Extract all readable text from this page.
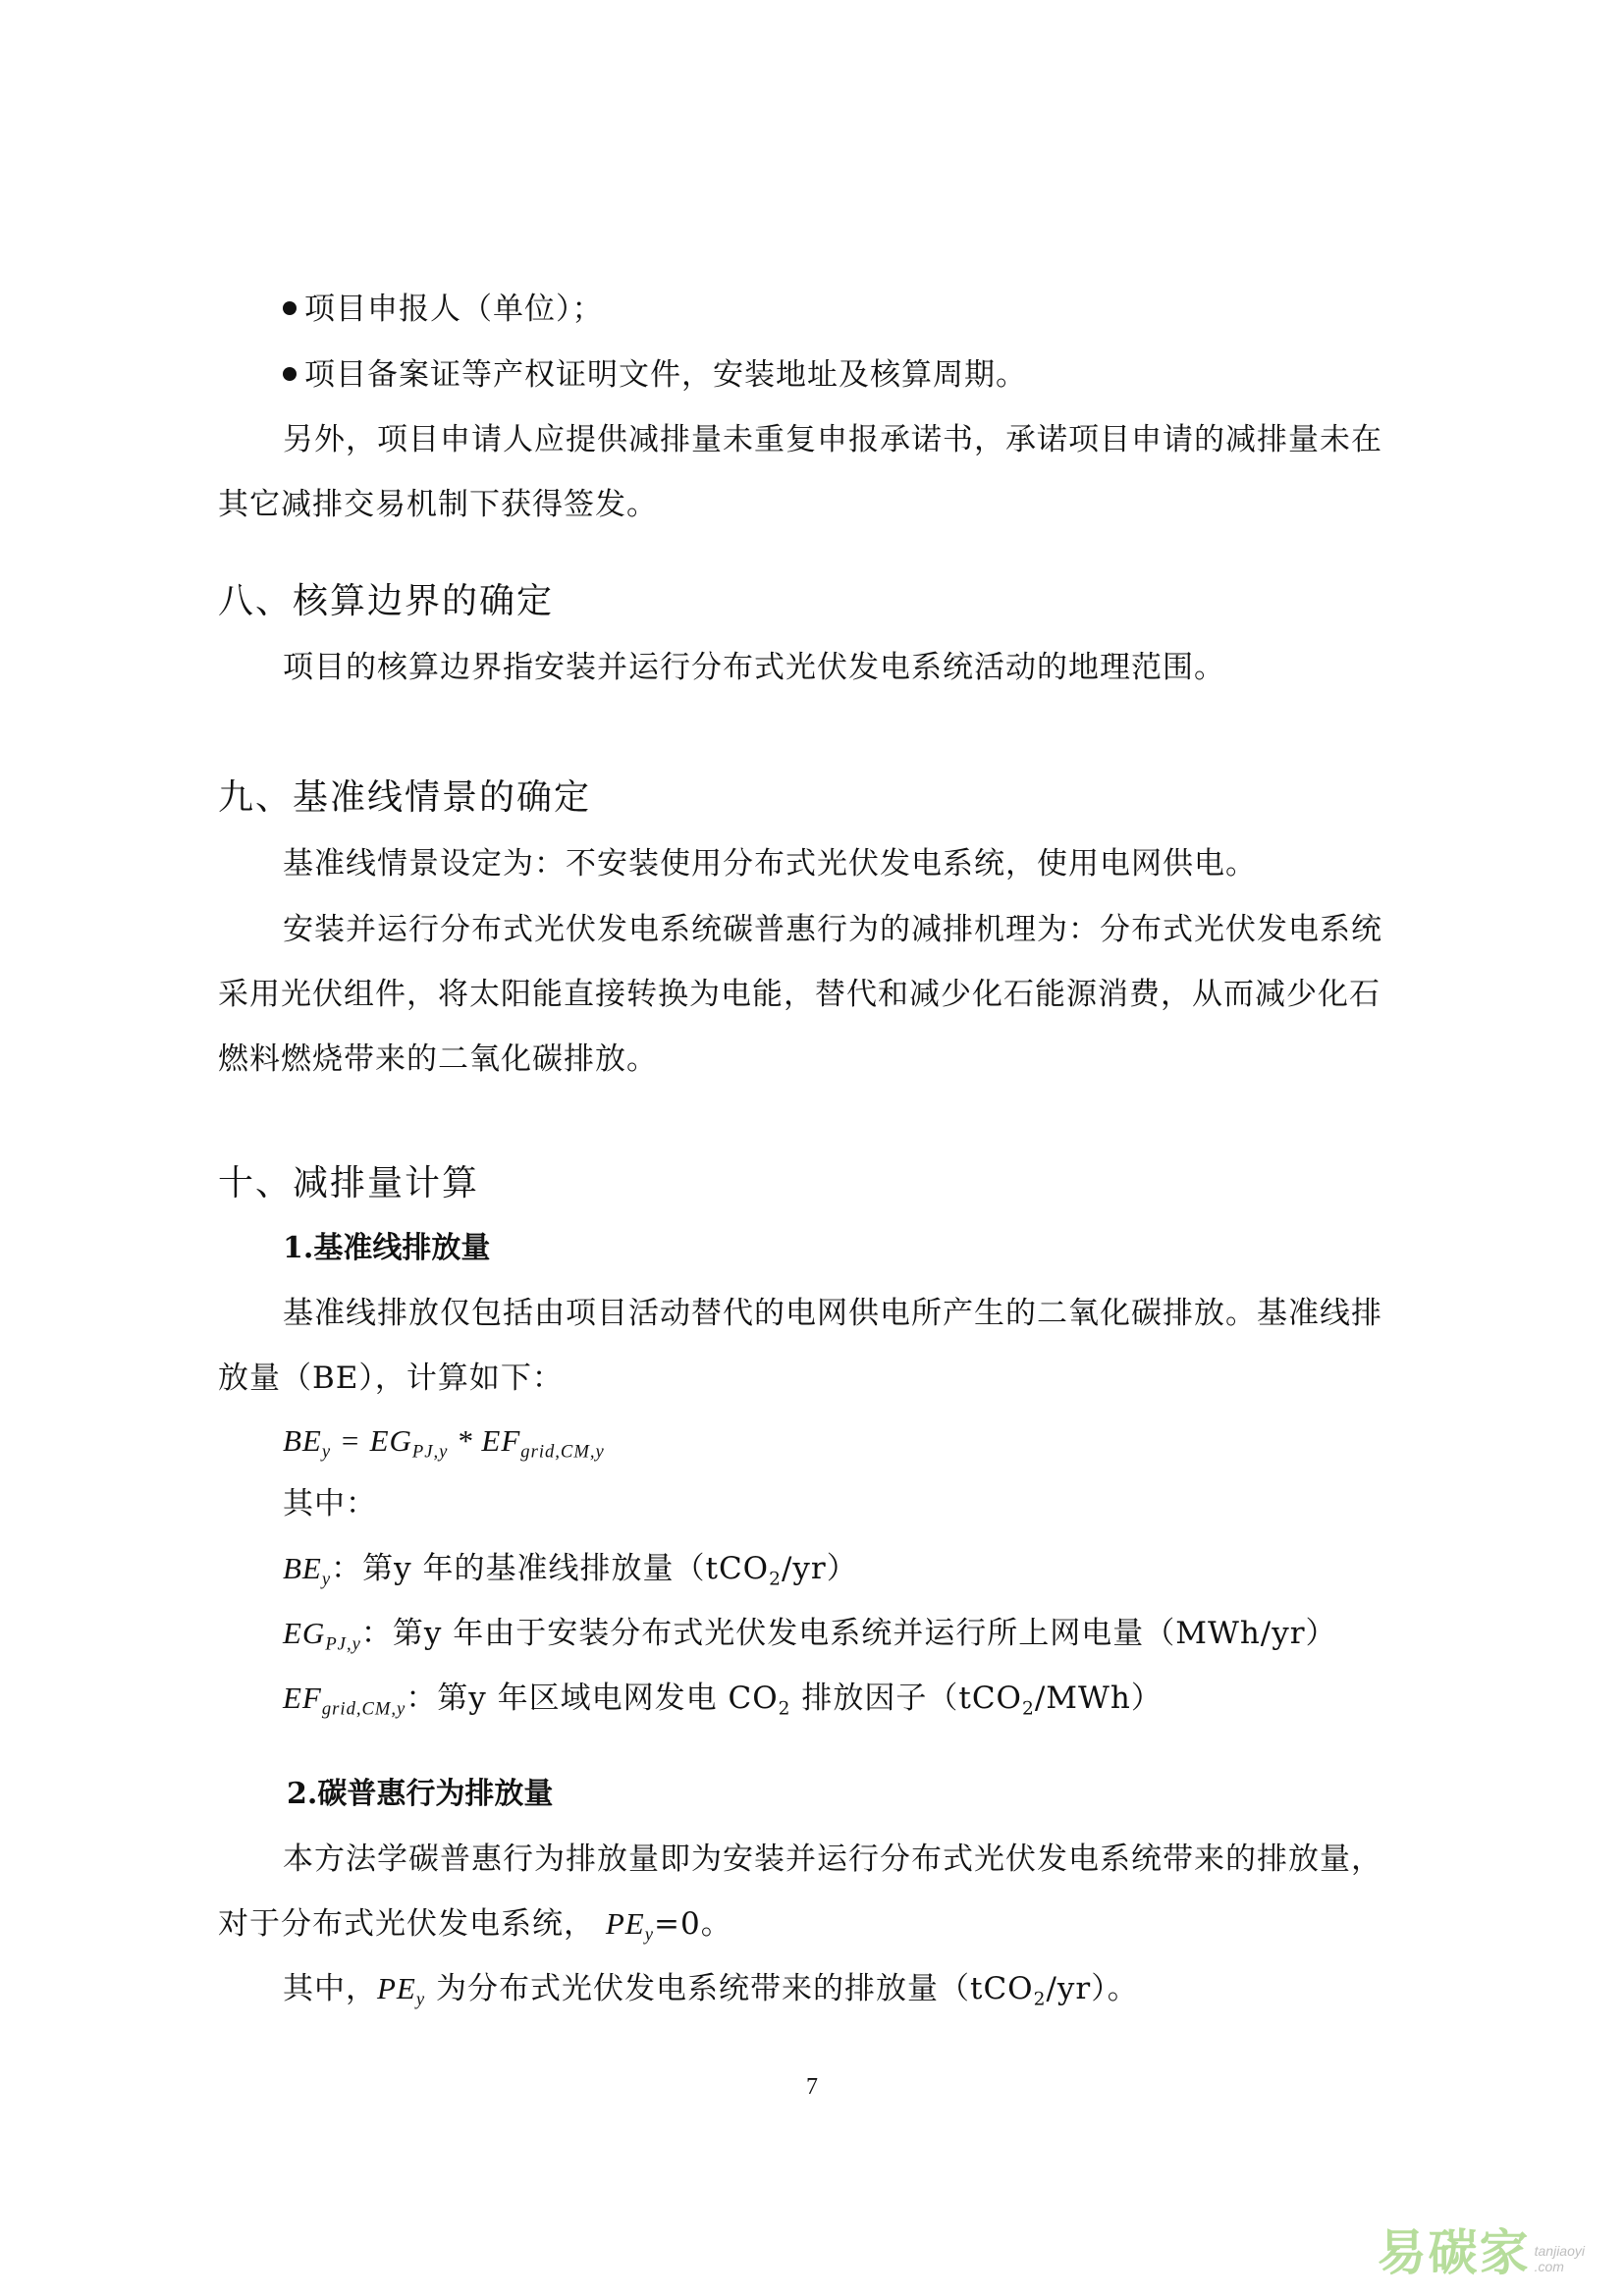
项目申报人（单位）；
项目备案证等产权证明文件，安装地址及核算周期。
另外，项目申请人应提供减排量未重复申报承诺书，承诺项目申请的减排量未在
其它减排交易机制下获得签发。
八、核算边界的确定
项目的核算边界指安装并运行分布式光伏发电系统活动的地理范围。
九、基准线情景的确定
基准线情景设定为：不安装使用分布式光伏发电系统，使用电网供电。
安装并运行分布式光伏发电系统碳普惠行为的减排机理为：分布式光伏发电系统
采用光伏组件，将太阳能直接转换为电能，替代和减少化石能源消费，从而减少化石
燃料燃烧带来的二氧化碳排放。
十、减排量计算
1.基准线排放量
基准线排放仅包括由项目活动替代的电网供电所产生的二氧化碳排放。基准线排
放量（BE），计算如下：
$BE_y = EG_{PJ,y} * EF_{grid,CM,y}$
其中：
$BE_y$：第y 年的基准线排放量（tCO$_2$/yr）
$EG_{PJ,y}$：第y 年由于安装分布式光伏发电系统并运行所上网电量（MWh/yr）
$EF_{grid,CM,y}$：第y 年区域电网发电 $CO_2$ 排放因子（tCO$_2$/MWh）
2.碳普惠行为排放量
本方法学碳普惠行为排放量即为安装并运行分布式光伏发电系统带来的排放量，
对于分布式光伏发电系统， $PE_y=0$。
其中，$PE_y$ 为分布式光伏发电系统带来的排放量（tCO$_2$/yr）。
7
易碳家 tanjiaoyi
.com
